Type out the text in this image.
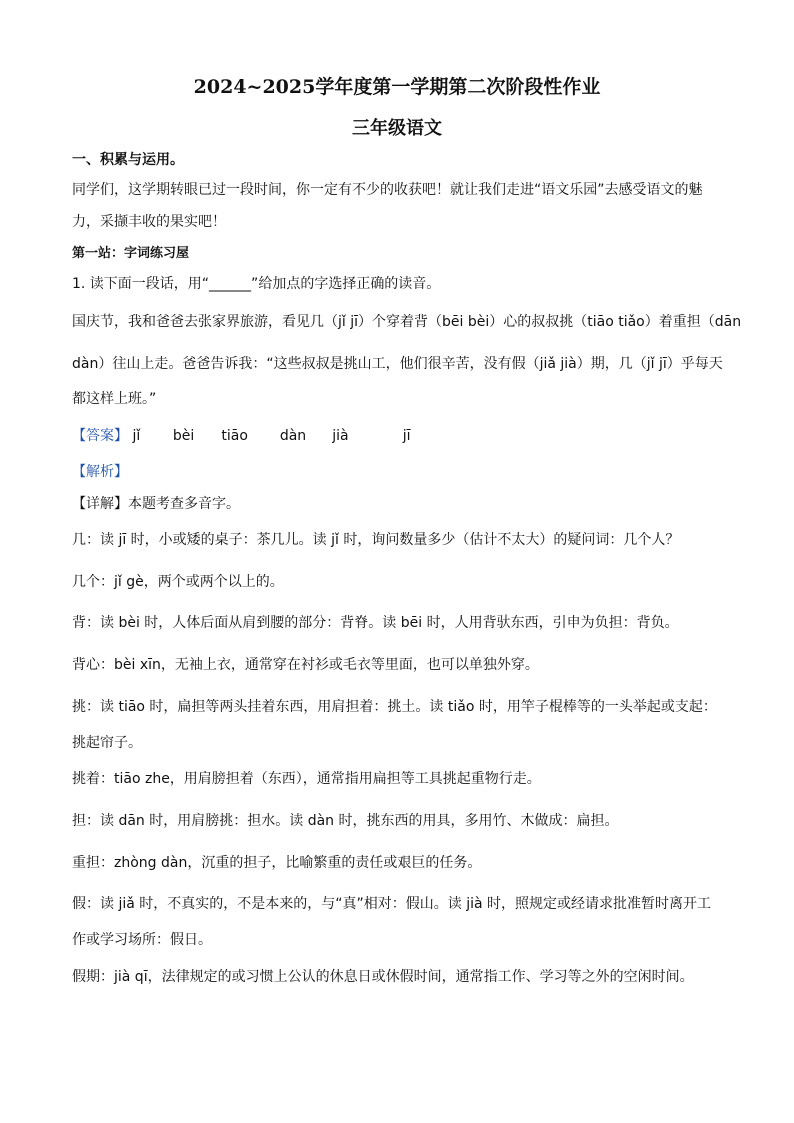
2024~2025学年度第一学期第二次阶段性作业
三年级语文
一、积累与运用。
同学们，这学期转眼已过一段时间，你一定有不少的收获吧！就让我们走进“语文乐园”去感受语文的魅
力，采撷丰收的果实吧！
第一站：字词练习屋
1. 读下面一段话，用“______”给加点的字选择正确的读音。
国庆节，我和爸爸去张家界旅游，看见几（jǐ jī）个穿着背（bēi bèi）心的叔叔挑（tiāo tiǎo）着重担（dān
dàn）往山上走。爸爸告诉我：“这些叔叔是挑山工，他们很辛苦，没有假（jiǎ jià）期，几（jǐ jī）乎每天
都这样上班。”
【答案】 jǐ bèi tiāo dàn jià	jī
【解析】
【详解】本题考查多音字。
几：读 jī 时，小或矮的桌子：茶几儿。读 jǐ 时，询问数量多少（估计不太大）的疑问词：几个人？
几个：jǐ gè，两个或两个以上的。
背：读 bèi 时，人体后面从肩到腰的部分：背脊。读 bēi 时，人用背驮东西，引申为负担：背负。
背心：bèi xīn，无袖上衣，通常穿在衬衫或毛衣等里面，也可以单独外穿。
挑：读 tiāo 时，扁担等两头挂着东西，用肩担着：挑土。读 tiǎo 时，用竿子棍棒等的一头举起或支起：
挑起帘子。
挑着：tiāo zhe，用肩膀担着（东西），通常指用扁担等工具挑起重物行走。
担：读 dān 时，用肩膀挑：担水。读 dàn 时，挑东西的用具，多用竹、木做成：扁担。
重担：zhòng dàn，沉重的担子，比喻繁重的责任或艰巨的任务。
假：读 jiǎ 时，不真实的，不是本来的，与“真”相对：假山。读 jià 时，照规定或经请求批准暂时离开工
作或学习场所：假日。
假期：jià qī，法律规定的或习惯上公认的休息日或休假时间，通常指工作、学习等之外的空闲时间。
